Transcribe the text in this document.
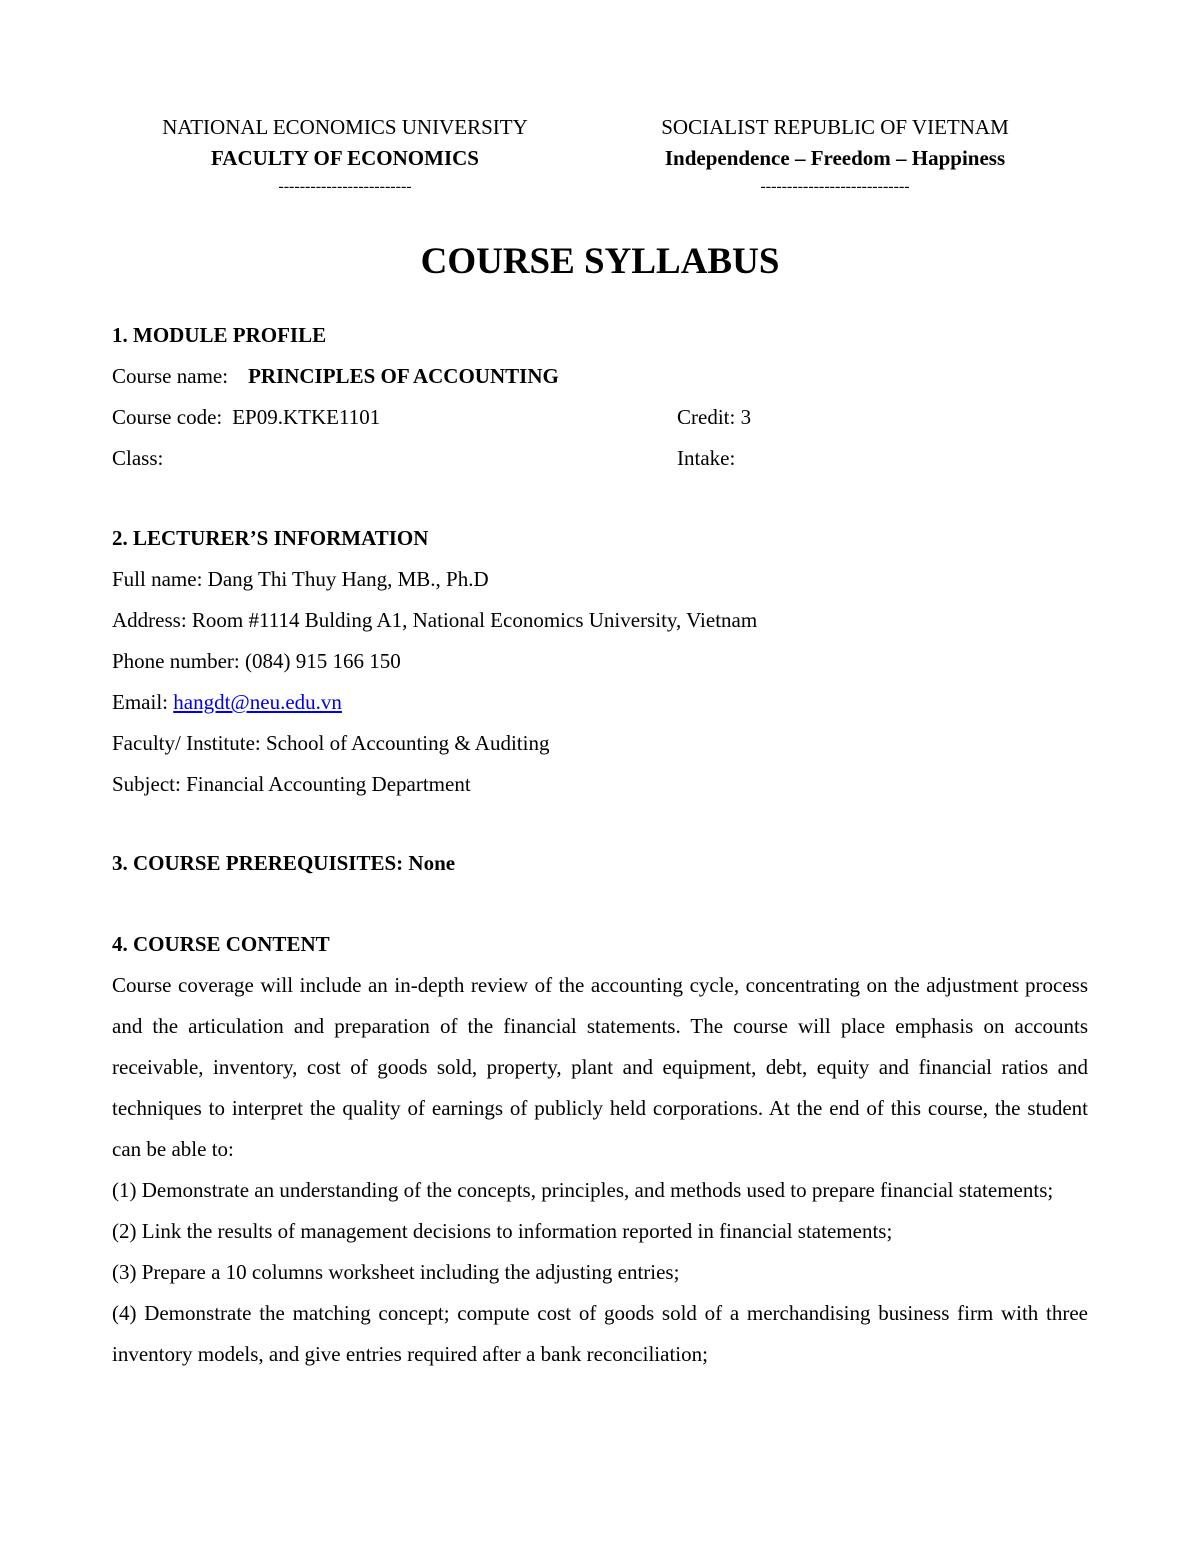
NATIONAL ECONOMICS UNIVERSITY
FACULTY OF ECONOMICS
-------------------------
SOCIALIST REPUBLIC OF VIETNAM
Independence – Freedom – Happiness
----------------------------
COURSE SYLLABUS
1. MODULE PROFILE
Course name: PRINCIPLES OF ACCOUNTING
Course code: EP09.KTKE1101	Credit: 3
Class:	Intake:
2. LECTURER’S INFORMATION
Full name: Dang Thi Thuy Hang, MB., Ph.D
Address: Room #1114 Bulding A1, National Economics University, Vietnam
Phone number: (084) 915 166 150
Email: hangdt@neu.edu.vn
Faculty/ Institute: School of Accounting & Auditing
Subject: Financial Accounting Department
3. COURSE PREREQUISITES: None
4. COURSE CONTENT

Course coverage will include an in-depth review of the accounting cycle, concentrating on the adjustment process and the articulation and preparation of the financial statements. The course will place emphasis on accounts receivable, inventory, cost of goods sold, property, plant and equipment, debt, equity and financial ratios and techniques to interpret the quality of earnings of publicly held corporations. At the end of this course, the student can be able to:

(1) Demonstrate an understanding of the concepts, principles, and methods used to prepare financial statements;

(2) Link the results of management decisions to information reported in financial statements;

(3) Prepare a 10 columns worksheet including the adjusting entries;

(4) Demonstrate the matching concept; compute cost of goods sold of a merchandising business firm with three inventory models, and give entries required after a bank reconciliation;
